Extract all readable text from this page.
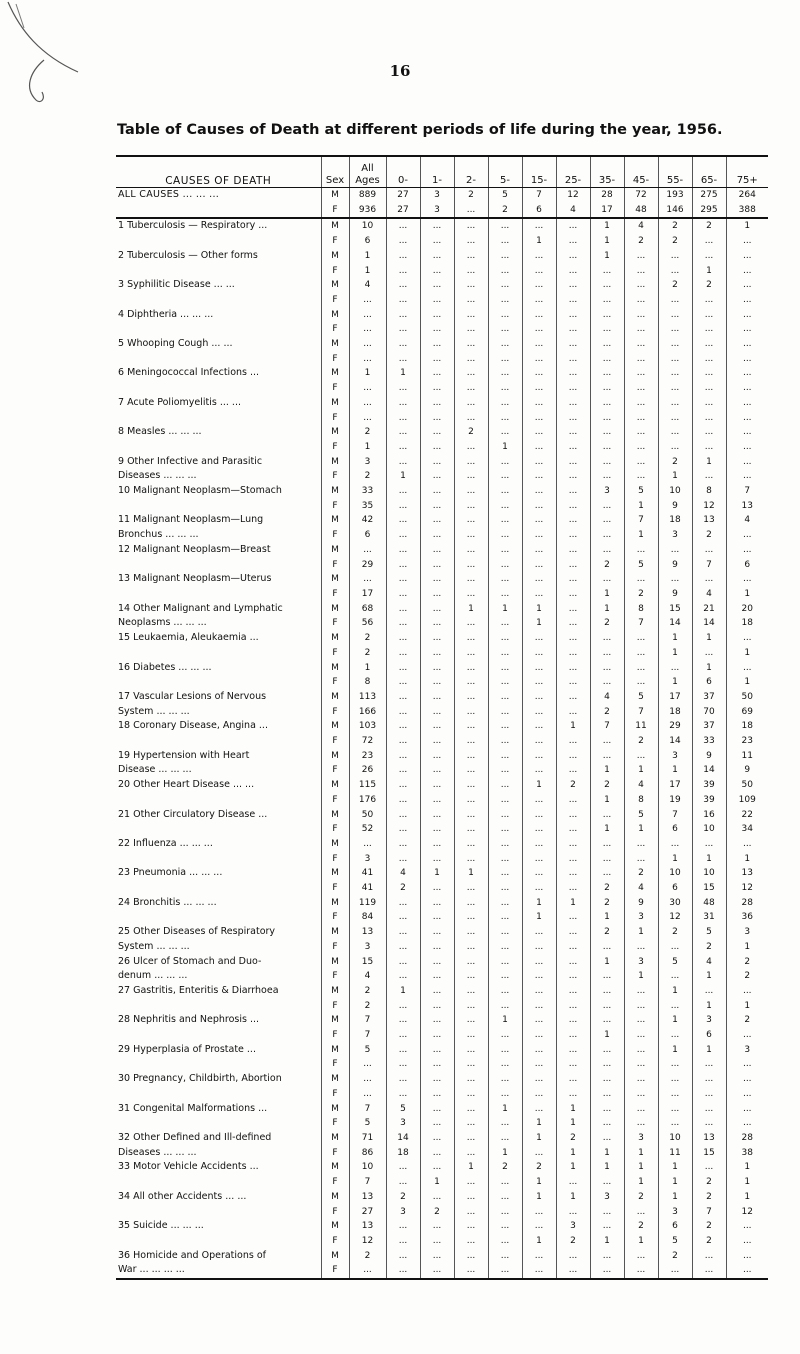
16
Table of Causes of Death at different periods of life during the year, 1956.
CAUSES OF DEATH	Sex	All Ages	0-	1-	2-	5-	15-	25-	35-	45-	55-	65-	75+
ALL CAUSES ... ... ...	M	889	27	3	2	5	7	12	28	72	193	275	264
	F	936	27	3	...	2	6	4	17	48	146	295	388
1 Tuberculosis — Respiratory ...	M	10	...	...	...	...	...	...	1	4	2	2	1
	F	6	...	...	...	...	1	...	1	2	2	...	...
2 Tuberculosis — Other forms	M	1	...	...	...	...	...	...	1	...	...	...	...
	F	1	...	...	...	...	...	...	...	...	...	1	...
3 Syphilitic Disease ... ...	M	4	...	...	...	...	...	...	...	...	2	2	...
	F	...	...	...	...	...	...	...	...	...	...	...	...
4 Diphtheria ... ... ...	M	...	...	...	...	...	...	...	...	...	...	...	...
	F	...	...	...	...	...	...	...	...	...	...	...	...
5 Whooping Cough ... ...	M	...	...	...	...	...	...	...	...	...	...	...	...
	F	...	...	...	...	...	...	...	...	...	...	...	...
6 Meningococcal Infections ...	M	1	1	...	...	...	...	...	...	...	...	...	...
	F	...	...	...	...	...	...	...	...	...	...	...	...
7 Acute Poliomyelitis ... ...	M	...	...	...	...	...	...	...	...	...	...	...	...
	F	...	...	...	...	...	...	...	...	...	...	...	...
8 Measles ... ... ...	M	2	...	...	2	...	...	...	...	...	...	...	...
	F	1	...	...	...	1	...	...	...	...	...	...	...
9 Other Infective and Parasitic	M	3	...	...	...	...	...	...	...	...	2	1	...
Diseases ... ... ...	F	2	1	...	...	...	...	...	...	...	1	...	...
10 Malignant Neoplasm—Stomach	M	33	...	...	...	...	...	...	3	5	10	8	7
	F	35	...	...	...	...	...	...	...	1	9	12	13
11 Malignant Neoplasm—Lung	M	42	...	...	...	...	...	...	...	7	18	13	4
Bronchus ... ... ...	F	6	...	...	...	...	...	...	...	1	3	2	...
12 Malignant Neoplasm—Breast	M	...	...	...	...	...	...	...	...	...	...	...	...
	F	29	...	...	...	...	...	...	2	5	9	7	6
13 Malignant Neoplasm—Uterus	M	...	...	...	...	...	...	...	...	...	...	...	...
	F	17	...	...	...	...	...	...	1	2	9	4	1
14 Other Malignant and Lymphatic	M	68	...	...	1	1	1	...	1	8	15	21	20
Neoplasms ... ... ...	F	56	...	...	...	...	1	...	2	7	14	14	18
15 Leukaemia, Aleukaemia ...	M	2	...	...	...	...	...	...	...	...	1	1	...
	F	2	...	...	...	...	...	...	...	...	1	...	1
16 Diabetes ... ... ...	M	1	...	...	...	...	...	...	...	...	...	1	...
	F	8	...	...	...	...	...	...	...	...	1	6	1
17 Vascular Lesions of Nervous	M	113	...	...	...	...	...	...	4	5	17	37	50
System ... ... ...	F	166	...	...	...	...	...	...	2	7	18	70	69
18 Coronary Disease, Angina ...	M	103	...	...	...	...	...	1	7	11	29	37	18
	F	72	...	...	...	...	...	...	...	2	14	33	23
19 Hypertension with Heart	M	23	...	...	...	...	...	...	...	...	3	9	11
Disease ... ... ...	F	26	...	...	...	...	...	...	1	1	1	14	9
20 Other Heart Disease ... ...	M	115	...	...	...	...	1	2	2	4	17	39	50
	F	176	...	...	...	...	...	...	1	8	19	39	109
21 Other Circulatory Disease ...	M	50	...	...	...	...	...	...	...	5	7	16	22
	F	52	...	...	...	...	...	...	1	1	6	10	34
22 Influenza ... ... ...	M	...	...	...	...	...	...	...	...	...	...	...	...
	F	3	...	...	...	...	...	...	...	...	1	1	1
23 Pneumonia ... ... ...	M	41	4	1	1	...	...	...	...	2	10	10	13
	F	41	2	...	...	...	...	...	2	4	6	15	12
24 Bronchitis ... ... ...	M	119	...	...	...	...	1	1	2	9	30	48	28
	F	84	...	...	...	...	1	...	1	3	12	31	36
25 Other Diseases of Respiratory	M	13	...	...	...	...	...	...	2	1	2	5	3
System ... ... ...	F	3	...	...	...	...	...	...	...	...	...	2	1
26 Ulcer of Stomach and Duo-	M	15	...	...	...	...	...	...	1	3	5	4	2
denum ... ... ...	F	4	...	...	...	...	...	...	...	1	...	1	2
27 Gastritis, Enteritis & Diarrhoea	M	2	1	...	...	...	...	...	...	...	1	...	...
	F	2	...	...	...	...	...	...	...	...	...	1	1
28 Nephritis and Nephrosis ...	M	7	...	...	...	1	...	...	...	...	1	3	2
	F	7	...	...	...	...	...	...	1	...	...	6	...
29 Hyperplasia of Prostate ...	M	5	...	...	...	...	...	...	...	...	1	1	3
	F	...	...	...	...	...	...	...	...	...	...	...	...
30 Pregnancy, Childbirth, Abortion	M	...	...	...	...	...	...	...	...	...	...	...	...
	F	...	...	...	...	...	...	...	...	...	...	...	...
31 Congenital Malformations ...	M	7	5	...	...	1	...	1	...	...	...	...	...
	F	5	3	...	...	...	1	1	...	...	...	...	...
32 Other Defined and Ill-defined	M	71	14	...	...	...	1	2	...	3	10	13	28
Diseases ... ... ...	F	86	18	...	...	1	...	1	1	1	11	15	38
33 Motor Vehicle Accidents ...	M	10	...	...	1	2	2	1	1	1	1	...	1
	F	7	...	1	...	...	1	...	...	1	1	2	1
34 All other Accidents ... ...	M	13	2	...	...	...	1	1	3	2	1	2	1
	F	27	3	2	...	...	...	...	...	...	3	7	12
35 Suicide ... ... ...	M	13	...	...	...	...	...	3	...	2	6	2	...
	F	12	...	...	...	...	1	2	1	1	5	2	...
36 Homicide and Operations of	M	2	...	...	...	...	...	...	...	...	2	...	...
War ... ... ... ...	F	...	...	...	...	...	...	...	...	...	...	...	...
